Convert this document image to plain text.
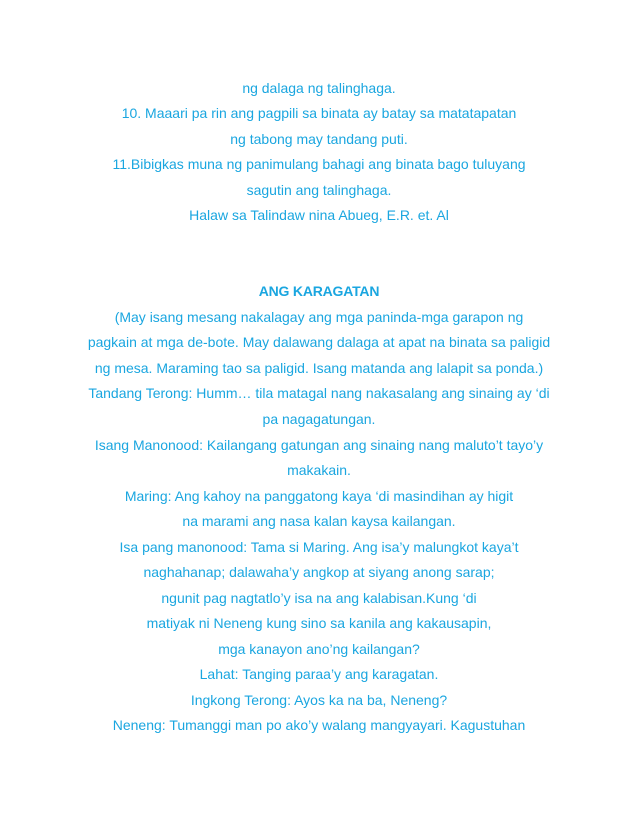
ng dalaga ng talinghaga.
10. Maaari pa rin ang pagpili sa binata ay batay sa matatapatan
ng tabong may tandang puti.
11.Bibigkas muna ng panimulang bahagi ang binata bago tuluyang
sagutin ang talinghaga.
Halaw sa Talindaw nina Abueg, E.R. et. Al
ANG KARAGATAN
(May isang mesang nakalagay ang mga paninda-mga garapon ng
pagkain at mga de-bote. May dalawang dalaga at apat na binata sa paligid
ng mesa. Maraming tao sa paligid. Isang matanda ang lalapit sa ponda.)
Tandang Terong: Humm… tila matagal nang nakasalang ang sinaing ay ‘di
pa nagagatungan.
Isang Manonood: Kailangang gatungan ang sinaing nang maluto’t tayo’y
makakain.
Maring: Ang kahoy na panggatong kaya ‘di masindihan ay higit
na marami ang nasa kalan kaysa kailangan.
Isa pang manonood: Tama si Maring. Ang isa’y malungkot kaya’t
naghahanap; dalawaha’y angkop at siyang anong sarap;
ngunit pag nagtatlo’y isa na ang kalabisan.Kung ‘di
matiyak ni Neneng kung sino sa kanila ang kakausapin,
mga kanayon ano’ng kailangan?
Lahat: Tanging paraa’y ang karagatan.
Ingkong Terong: Ayos ka na ba, Neneng?
Neneng: Tumanggi man po ako’y walang mangyayari. Kagustuhan
